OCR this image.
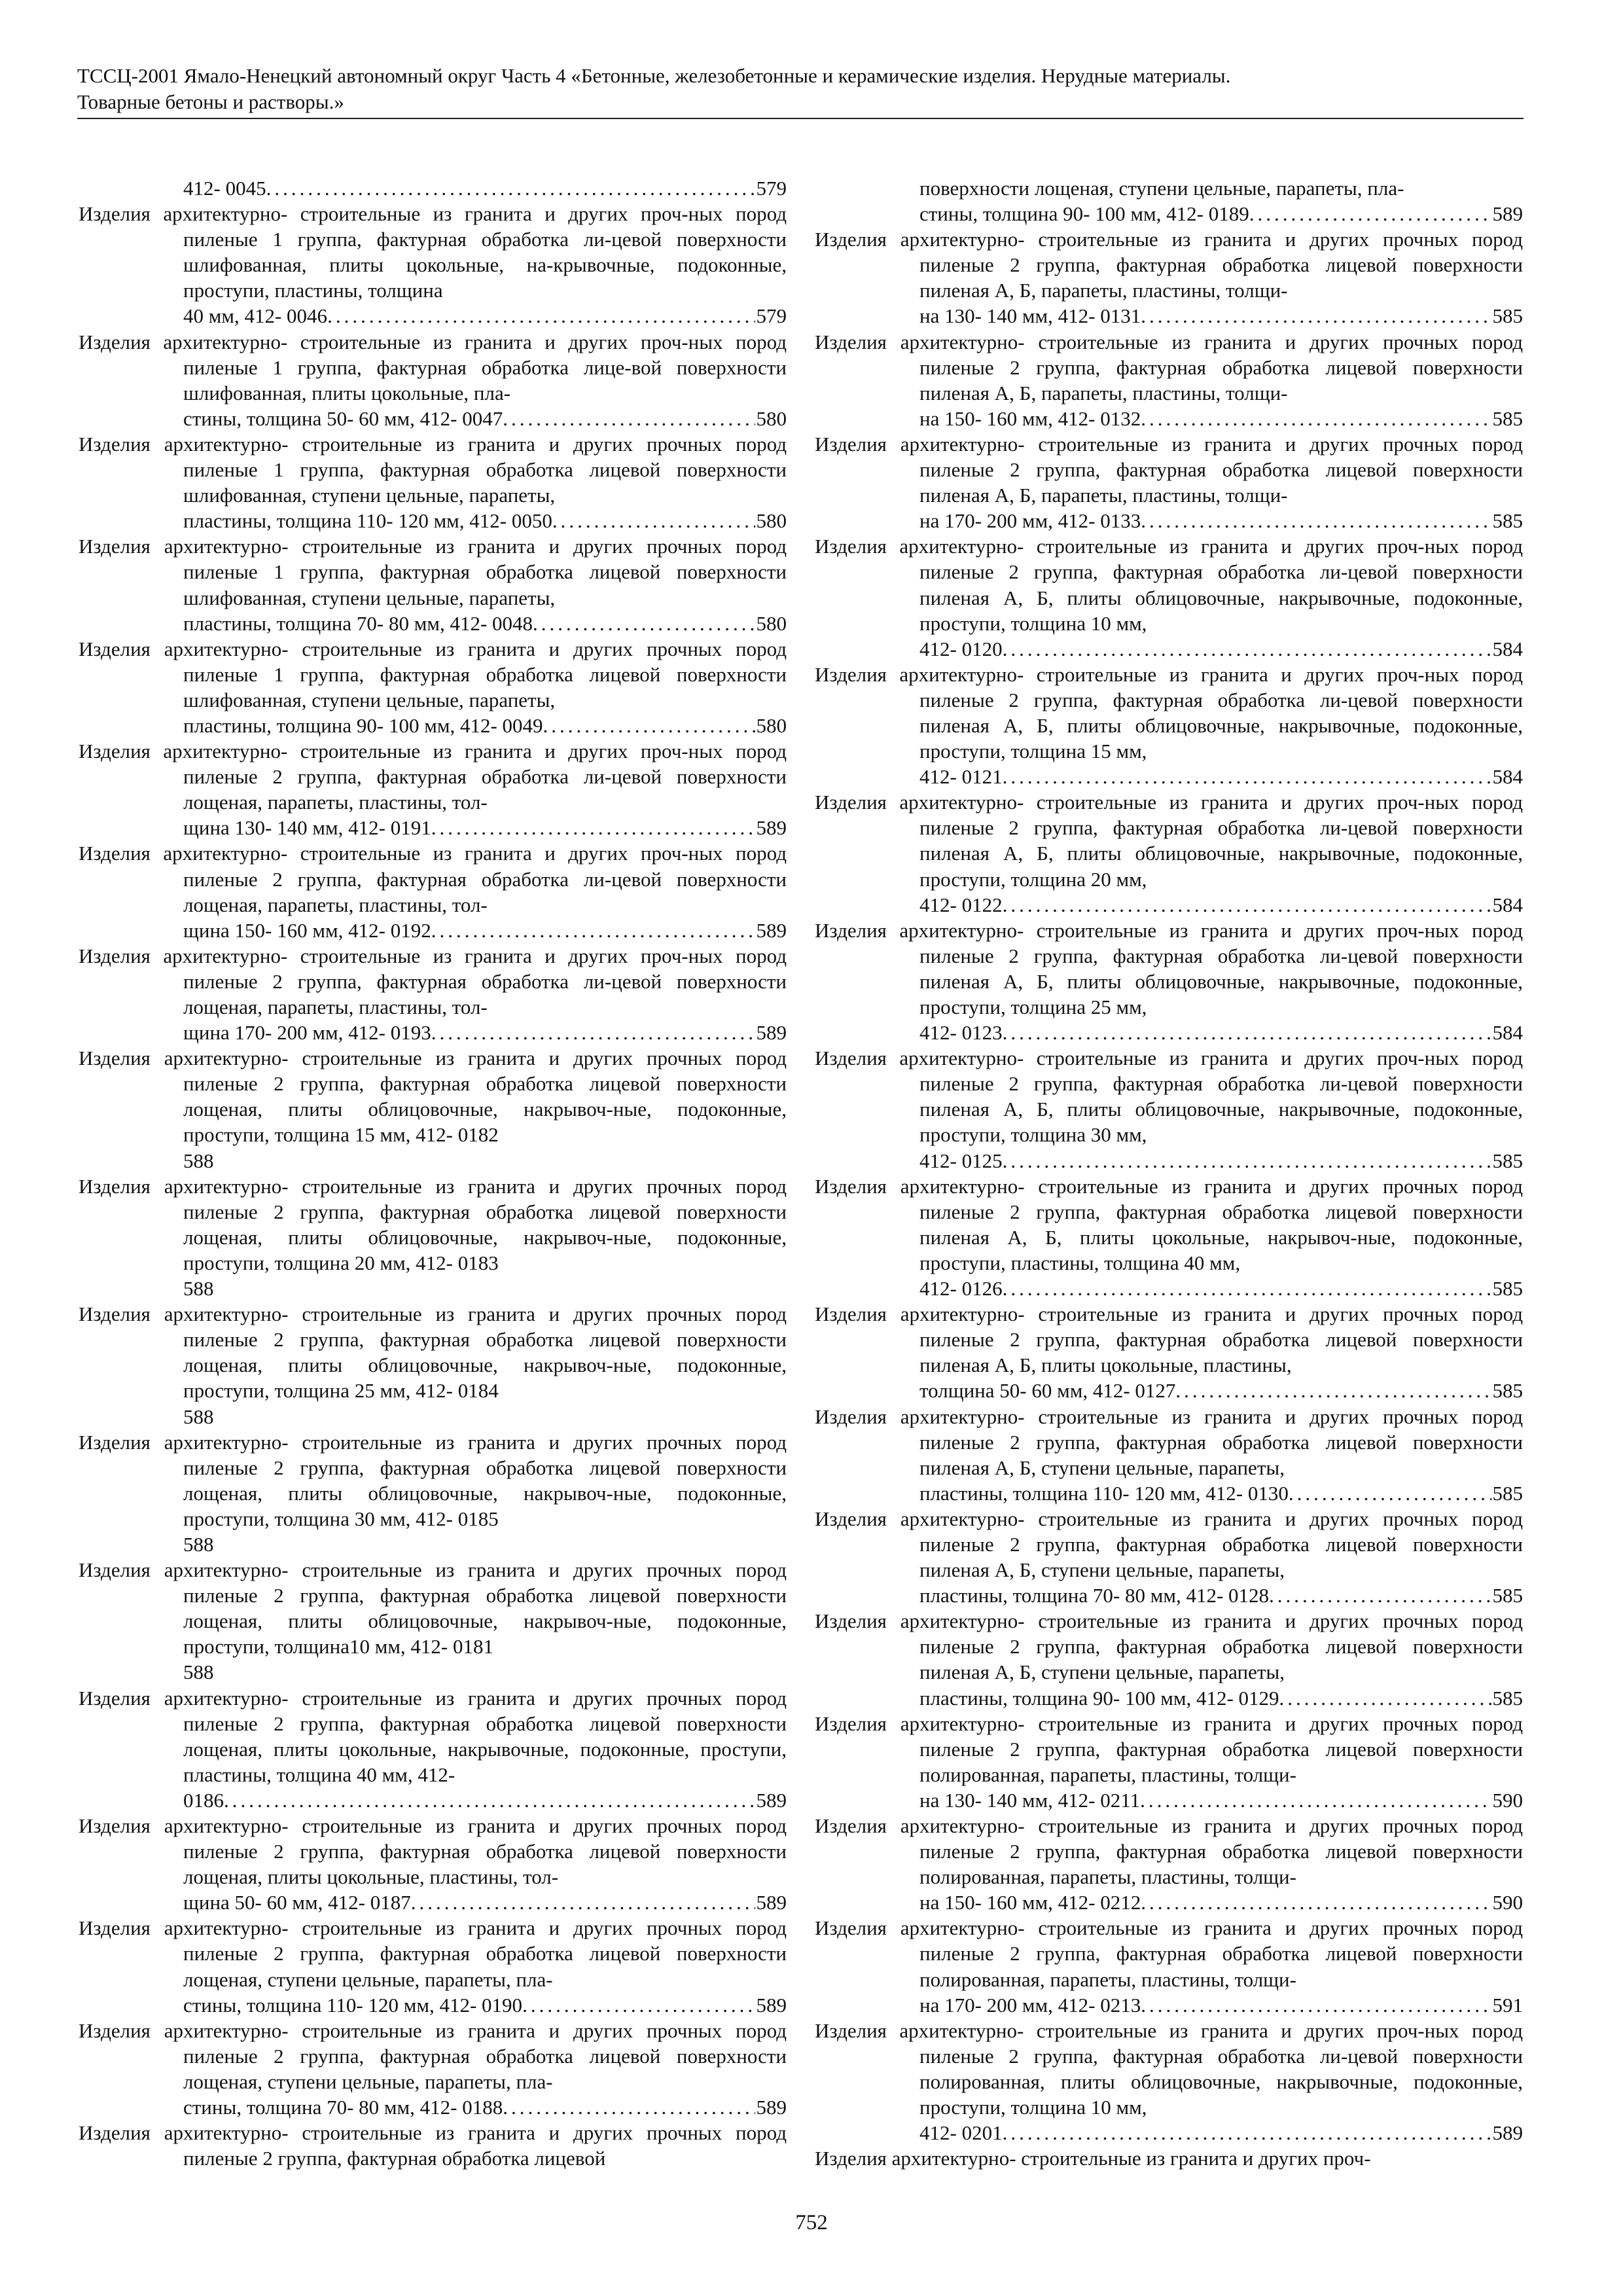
ТССЦ-2001 Ямало-Ненецкий автономный округ Часть 4 «Бетонные, железобетонные и керамические изделия. Нерудные материалы.
Товарные бетоны и растворы.»
412- 0045 .....	579
Изделия архитектурно- строительные из гранита и других проч-ных пород пиленые 1 группа, фактурная обработка ли-цевой поверхности шлифованная, плиты цокольные, на-крывочные, подоконные, проступи, пластины, толщина
40 мм, 412- 0046 .....	579
Изделия архитектурно- строительные из гранита и других проч-ных пород пиленые 1 группа, фактурная обработка лице-вой поверхности шлифованная, плиты цокольные, пла-
стины, толщина 50- 60 мм, 412- 0047 .....	580
Изделия архитектурно- строительные из гранита и других прочных пород пиленые 1 группа, фактурная обработка лицевой поверхности шлифованная, ступени цельные, парапеты,
пластины, толщина 110- 120 мм, 412- 0050 .....	580
Изделия архитектурно- строительные из гранита и других прочных пород пиленые 1 группа, фактурная обработка лицевой поверхности шлифованная, ступени цельные, парапеты,
пластины, толщина 70- 80 мм, 412- 0048 .....	580
Изделия архитектурно- строительные из гранита и других прочных пород пиленые 1 группа, фактурная обработка лицевой поверхности шлифованная, ступени цельные, парапеты,
пластины, толщина 90- 100 мм, 412- 0049 .....	580
Изделия архитектурно- строительные из гранита и других проч-ных пород пиленые 2 группа, фактурная обработка ли-цевой поверхности лощеная, парапеты, пластины, тол-
щина 130- 140 мм, 412- 0191 .....	589
Изделия архитектурно- строительные из гранита и других проч-ных пород пиленые 2 группа, фактурная обработка ли-цевой поверхности лощеная, парапеты, пластины, тол-
щина 150- 160 мм, 412- 0192 .....	589
Изделия архитектурно- строительные из гранита и других проч-ных пород пиленые 2 группа, фактурная обработка ли-цевой поверхности лощеная, парапеты, пластины, тол-
щина 170- 200 мм, 412- 0193 .....	589
Изделия архитектурно- строительные из гранита и других прочных пород пиленые 2 группа, фактурная обработка лицевой поверхности лощеная, плиты облицовочные, накрывоч-ные, подоконные, проступи, толщина 15 мм, 412- 0182
588
Изделия архитектурно- строительные из гранита и других прочных пород пиленые 2 группа, фактурная обработка лицевой поверхности лощеная, плиты облицовочные, накрывоч-ные, подоконные, проступи, толщина 20 мм, 412- 0183
588
Изделия архитектурно- строительные из гранита и других прочных пород пиленые 2 группа, фактурная обработка лицевой поверхности лощеная, плиты облицовочные, накрывоч-ные, подоконные, проступи, толщина 25 мм, 412- 0184
588
Изделия архитектурно- строительные из гранита и других прочных пород пиленые 2 группа, фактурная обработка лицевой поверхности лощеная, плиты облицовочные, накрывоч-ные, подоконные, проступи, толщина 30 мм, 412- 0185
588
Изделия архитектурно- строительные из гранита и других прочных пород пиленые 2 группа, фактурная обработка лицевой поверхности лощеная, плиты облицовочные, накрывоч-ные, подоконные, проступи, толщина10 мм, 412- 0181
588
Изделия архитектурно- строительные из гранита и других прочных пород пиленые 2 группа, фактурная обработка лицевой поверхности лощеная, плиты цокольные, накрывочные, подоконные, проступи, пластины, толщина 40 мм, 412-
0186 .....	589
Изделия архитектурно- строительные из гранита и других прочных пород пиленые 2 группа, фактурная обработка лицевой поверхности лощеная, плиты цокольные, пластины, тол-
щина 50- 60 мм, 412- 0187 .....	589
Изделия архитектурно- строительные из гранита и других прочных пород пиленые 2 группа, фактурная обработка лицевой поверхности лощеная, ступени цельные, парапеты, пла-
стины, толщина 110- 120 мм, 412- 0190 .....	589
Изделия архитектурно- строительные из гранита и других прочных пород пиленые 2 группа, фактурная обработка лицевой поверхности лощеная, ступени цельные, парапеты, пла-
стины, толщина 70- 80 мм, 412- 0188 .....	589
Изделия архитектурно- строительные из гранита и других прочных пород пиленые 2 группа, фактурная обработка лицевой
поверхности лощеная, ступени цельные, парапеты, пла-
стины, толщина 90- 100 мм, 412- 0189 .....	589
Изделия архитектурно- строительные из гранита и других прочных пород пиленые 2 группа, фактурная обработка лицевой поверхности пиленая А, Б, парапеты, пластины, толщи-
на 130- 140 мм, 412- 0131 .....	585
Изделия архитектурно- строительные из гранита и других прочных пород пиленые 2 группа, фактурная обработка лицевой поверхности пиленая А, Б, парапеты, пластины, толщи-
на 150- 160 мм, 412- 0132 .....	585
Изделия архитектурно- строительные из гранита и других прочных пород пиленые 2 группа, фактурная обработка лицевой поверхности пиленая А, Б, парапеты, пластины, толщи-
на 170- 200 мм, 412- 0133 .....	585
Изделия архитектурно- строительные из гранита и других проч-ных пород пиленые 2 группа, фактурная обработка ли-цевой поверхности пиленая А, Б, плиты облицовочные, накрывочные, подоконные, проступи, толщина 10 мм,
412- 0120 .....	584
Изделия архитектурно- строительные из гранита и других проч-ных пород пиленые 2 группа, фактурная обработка ли-цевой поверхности пиленая А, Б, плиты облицовочные, накрывочные, подоконные, проступи, толщина 15 мм,
412- 0121 .....	584
Изделия архитектурно- строительные из гранита и других проч-ных пород пиленые 2 группа, фактурная обработка ли-цевой поверхности пиленая А, Б, плиты облицовочные, накрывочные, подоконные, проступи, толщина 20 мм,
412- 0122 .....	584
Изделия архитектурно- строительные из гранита и других проч-ных пород пиленые 2 группа, фактурная обработка ли-цевой поверхности пиленая А, Б, плиты облицовочные, накрывочные, подоконные, проступи, толщина 25 мм,
412- 0123 .....	584
Изделия архитектурно- строительные из гранита и других проч-ных пород пиленые 2 группа, фактурная обработка ли-цевой поверхности пиленая А, Б, плиты облицовочные, накрывочные, подоконные, проступи, толщина 30 мм,
412- 0125 .....	585
Изделия архитектурно- строительные из гранита и других прочных пород пиленые 2 группа, фактурная обработка лицевой поверхности пиленая А, Б, плиты цокольные, накрывоч-ные, подоконные, проступи, пластины, толщина 40 мм,
412- 0126 .....	585
Изделия архитектурно- строительные из гранита и других прочных пород пиленые 2 группа, фактурная обработка лицевой поверхности пиленая А, Б, плиты цокольные, пластины,
толщина 50- 60 мм, 412- 0127 .....	585
Изделия архитектурно- строительные из гранита и других прочных пород пиленые 2 группа, фактурная обработка лицевой поверхности пиленая А, Б, ступени цельные, парапеты,
пластины, толщина 110- 120 мм, 412- 0130 .....	585
Изделия архитектурно- строительные из гранита и других прочных пород пиленые 2 группа, фактурная обработка лицевой поверхности пиленая А, Б, ступени цельные, парапеты,
пластины, толщина 70- 80 мм, 412- 0128 .....	585
Изделия архитектурно- строительные из гранита и других прочных пород пиленые 2 группа, фактурная обработка лицевой поверхности пиленая А, Б, ступени цельные, парапеты,
пластины, толщина 90- 100 мм, 412- 0129 .....	585
Изделия архитектурно- строительные из гранита и других прочных пород пиленые 2 группа, фактурная обработка лицевой поверхности полированная, парапеты, пластины, толщи-
на 130- 140 мм, 412- 0211 .....	590
Изделия архитектурно- строительные из гранита и других прочных пород пиленые 2 группа, фактурная обработка лицевой поверхности полированная, парапеты, пластины, толщи-
на 150- 160 мм, 412- 0212 .....	590
Изделия архитектурно- строительные из гранита и других прочных пород пиленые 2 группа, фактурная обработка лицевой поверхности полированная, парапеты, пластины, толщи-
на 170- 200 мм, 412- 0213 .....	591
Изделия архитектурно- строительные из гранита и других проч-ных пород пиленые 2 группа, фактурная обработка ли-цевой поверхности полированная, плиты облицовочные, накрывочные, подоконные, проступи, толщина 10 мм,
412- 0201 .....	589
Изделия архитектурно- строительные из гранита и других проч-
752
